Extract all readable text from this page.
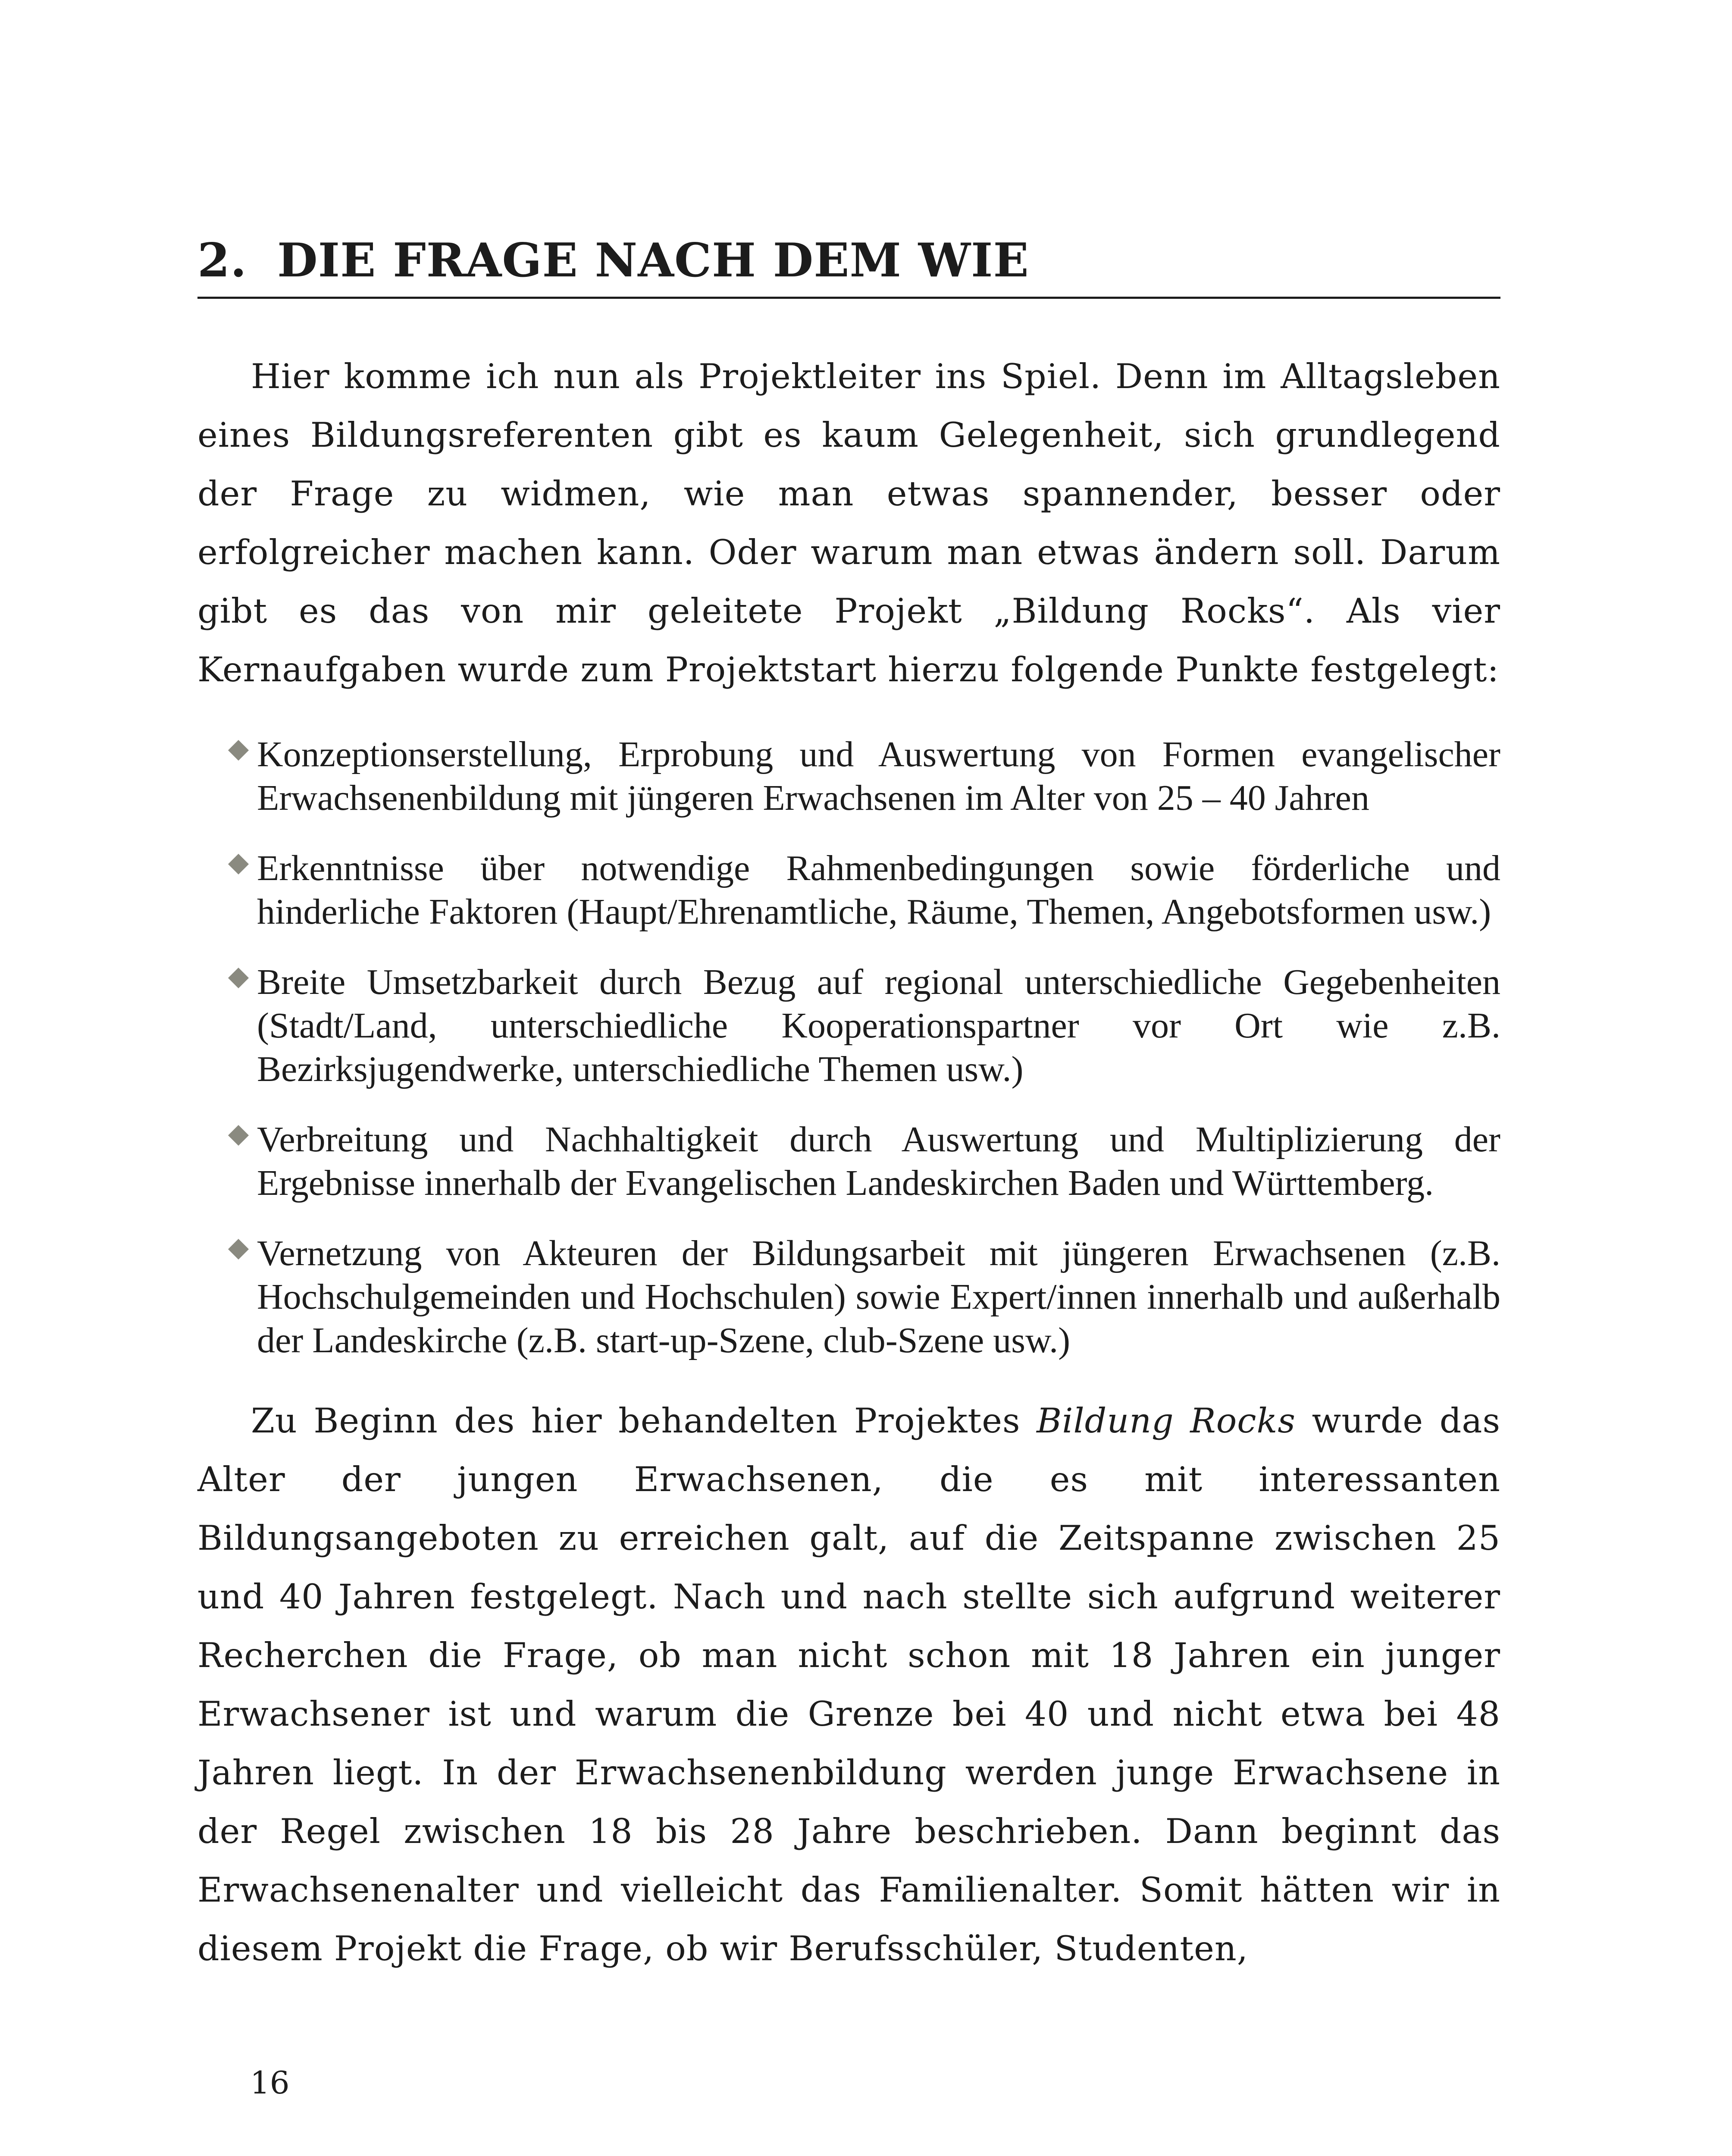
2. DIE FRAGE NACH DEM WIE

Hier komme ich nun als Projektleiter ins Spiel. Denn im Alltagsleben eines Bildungsreferenten gibt es kaum Gelegenheit, sich grundlegend der Frage zu widmen, wie man etwas spannender, besser oder erfolgreicher machen kann. Oder warum man etwas ändern soll. Darum gibt es das von mir geleitete Projekt „Bildung Rocks“. Als vier Kernaufgaben wurde zum Projektstart hierzu folgende Punkte festgelegt:

Konzeptionserstellung, Erprobung und Auswertung von Formen evangelischer Erwachsenenbildung mit jüngeren Erwachsenen im Alter von 25 – 40 Jahren
Erkenntnisse über notwendige Rahmenbedingungen sowie förderliche und hinderliche Faktoren (Haupt/Ehrenamtliche, Räume, Themen, Angebotsformen usw.)
Breite Umsetzbarkeit durch Bezug auf regional unterschiedliche Gegebenheiten (Stadt/Land, unterschiedliche Kooperationspartner vor Ort wie z.B. Bezirksjugendwerke, unterschiedliche Themen usw.)
Verbreitung und Nachhaltigkeit durch Auswertung und Multiplizierung der Ergebnisse innerhalb der Evangelischen Landeskirchen Baden und Württemberg.
Vernetzung von Akteuren der Bildungsarbeit mit jüngeren Erwachsenen (z.B. Hochschulgemeinden und Hochschulen) sowie Expert/innen innerhalb und außerhalb der Landeskirche (z.B. start-up-Szene, club-Szene usw.)

Zu Beginn des hier behandelten Projektes Bildung Rocks wurde das Alter der jungen Erwachsenen, die es mit interessanten Bildungsangeboten zu erreichen galt, auf die Zeitspanne zwischen 25 und 40 Jahren festgelegt. Nach und nach stellte sich aufgrund weiterer Recherchen die Frage, ob man nicht schon mit 18 Jahren ein junger Erwachsener ist und warum die Grenze bei 40 und nicht etwa bei 48 Jahren liegt. In der Erwachsenenbildung werden junge Erwachsene in der Regel zwischen 18 bis 28 Jahre beschrieben. Dann beginnt das Erwachsenenalter und vielleicht das Familienalter. Somit hätten wir in diesem Projekt die Frage, ob wir Berufsschüler, Studenten,

16
